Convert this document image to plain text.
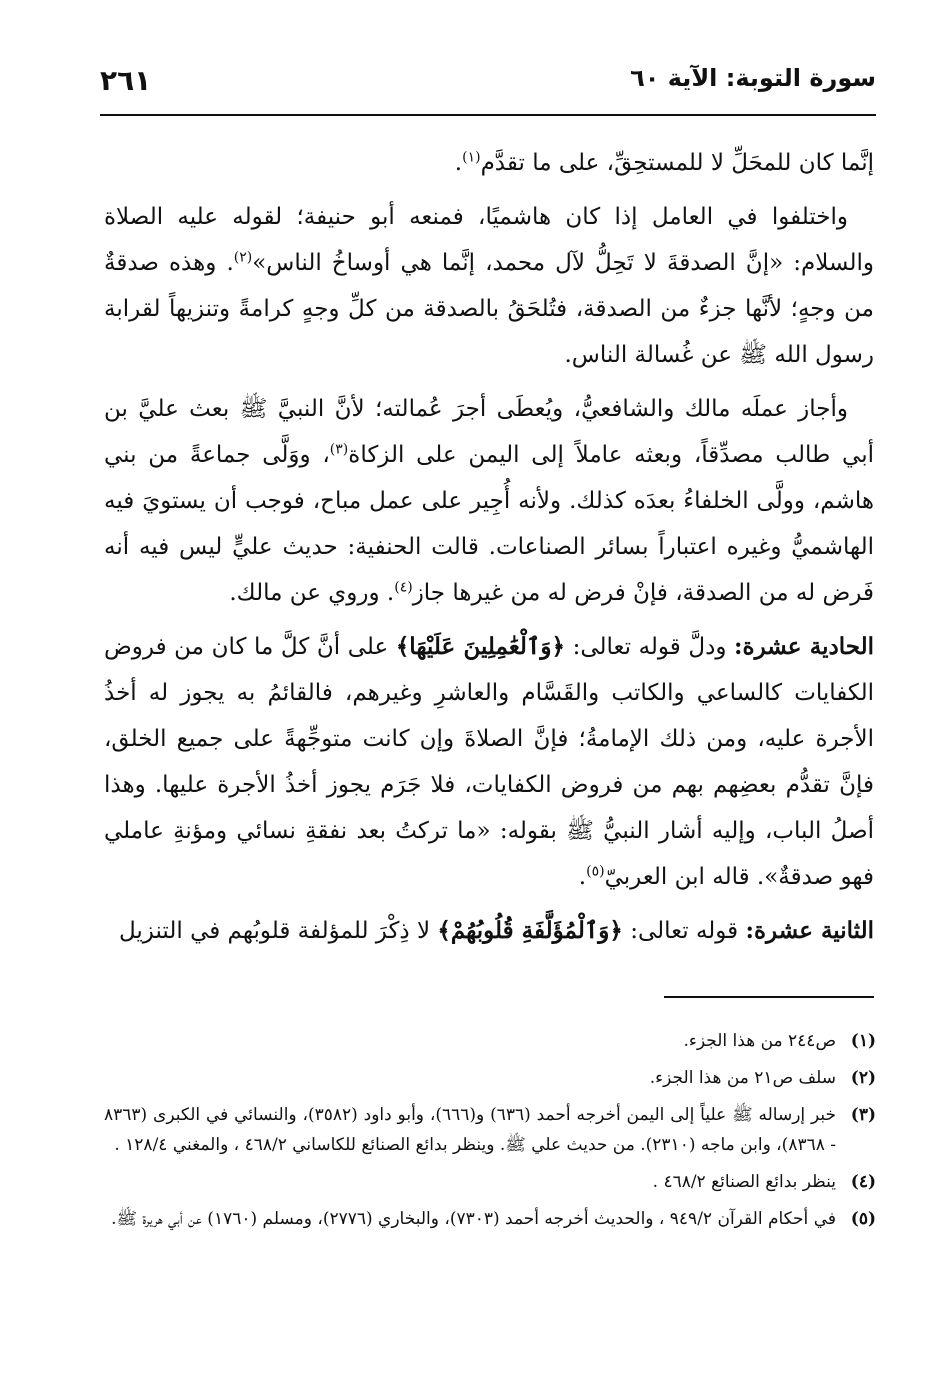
سورة التوبة: الآية ٦٠
٢٦١

إنَّما كان للمحَلِّ لا للمستحِقِّ، على ما تقدَّم$^{(١)}$.

واختلفوا في العامل إذا كان هاشميًا، فمنعه أبو حنيفة؛ لقوله عليه الصلاة والسلام: «إنَّ الصدقةَ لا تَحِلُّ لآل محمد، إنَّما هي أوساخُ الناس»$^{(٢)}$. وهذه صدقةٌ من وجهٍ؛ لأنَّها جزءٌ من الصدقة، فتُلحَقُ بالصدقة من كلِّ وجهٍ كرامةً وتنزيهاً لقرابة رسول الله ﷺ عن غُسالة الناس.

وأجاز عملَه مالك والشافعيُّ، ويُعطَى أجرَ عُمالته؛ لأنَّ النبيَّ ﷺ بعث عليَّ بن أبي طالب مصدِّقاً، وبعثه عاملاً إلى اليمن على الزكاة$^{(٣)}$، ووَلَّى جماعةً من بني هاشم، وولَّى الخلفاءُ بعدَه كذلك. ولأنه أُجِير على عمل مباح، فوجب أن يستويَ فيه الهاشميُّ وغيره اعتباراً بسائر الصناعات. قالت الحنفية: حديث عليٍّ ليس فيه أنه فَرض له من الصدقة، فإنْ فرض له من غيرها جاز$^{(٤)}$. وروي عن مالك.

الحادية عشرة: ودلَّ قوله تعالى: ﴿وَٱلْعَٰمِلِينَ عَلَيْهَا﴾ على أنَّ كلَّ ما كان من فروض الكفايات كالساعي والكاتب والقَسَّام والعاشرِ وغيرهم، فالقائمُ به يجوز له أخذُ الأجرة عليه، ومن ذلك الإمامةُ؛ فإنَّ الصلاةَ وإن كانت متوجِّهةً على جميع الخلق، فإنَّ تقدُّم بعضِهم بهم من فروض الكفايات، فلا جَرَم يجوز أخذُ الأجرة عليها. وهذا أصلُ الباب، وإليه أشار النبيُّ ﷺ بقوله: «ما تركتُ بعد نفقةِ نسائي ومؤنةِ عاملي فهو صدقةٌ». قاله ابن العربيّ$^{(٥)}$.

الثانية عشرة: قوله تعالى: ﴿وَٱلْمُؤَلَّفَةِ قُلُوبُهُمْ﴾ لا ذِكْرَ للمؤلفة قلوبُهم في التنزيل

(١)
ص٢٤٤ من هذا الجزء.
(٢)
سلف ص٢١ من هذا الجزء.
(٣)
خبر إرساله ﷺ علياً إلى اليمن أخرجه أحمد (٦٣٦) و(٦٦٦)، وأبو داود (٣٥٨٢)، والنسائي في الكبرى (٨٣٦٣ - ٨٣٦٨)، وابن ماجه (٢٣١٠). من حديث علي ﷺ. وينظر بدائع الصنائع للكاساني ٤٦٨/٢ ، والمغني ١٢٨/٤ .
(٤)
ينظر بدائع الصنائع ٤٦٨/٢ .
(٥)
في أحكام القرآن ٩٤٩/٢ ، والحديث أخرجه أحمد (٧٣٠٣)، والبخاري (٢٧٧٦)، ومسلم (١٧٦٠) عن أبي هريرة ﷺ.
